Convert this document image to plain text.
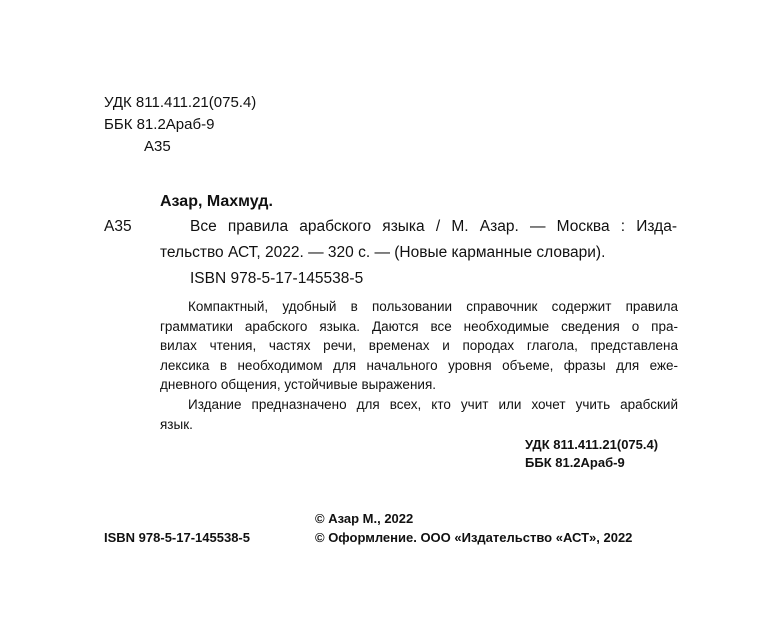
УДК 811.411.21(075.4)
ББК 81.2Араб-9
А35
Азар, Махмуд.
А35	Все правила арабского языка / М. Азар. — Москва : Изда-
тельство АСТ, 2022. — 320 с. — (Новые карманные словари).
ISBN 978-5-17-145538-5
Компактный, удобный в пользовании справочник содержит правила
грамматики арабского языка. Даются все необходимые сведения о пра-
вилах чтения, частях речи, временах и породах глагола, представлена
лексика в необходимом для начального уровня объеме, фразы для еже-
дневного общения, устойчивые выражения.
Издание предназначено для всех, кто учит или хочет учить арабский
язык.
УДК 811.411.21(075.4)
ББК 81.2Араб-9
© Азар М., 2022
ISBN 978-5-17-145538-5	© Оформление. ООО «Издательство «АСТ», 2022
